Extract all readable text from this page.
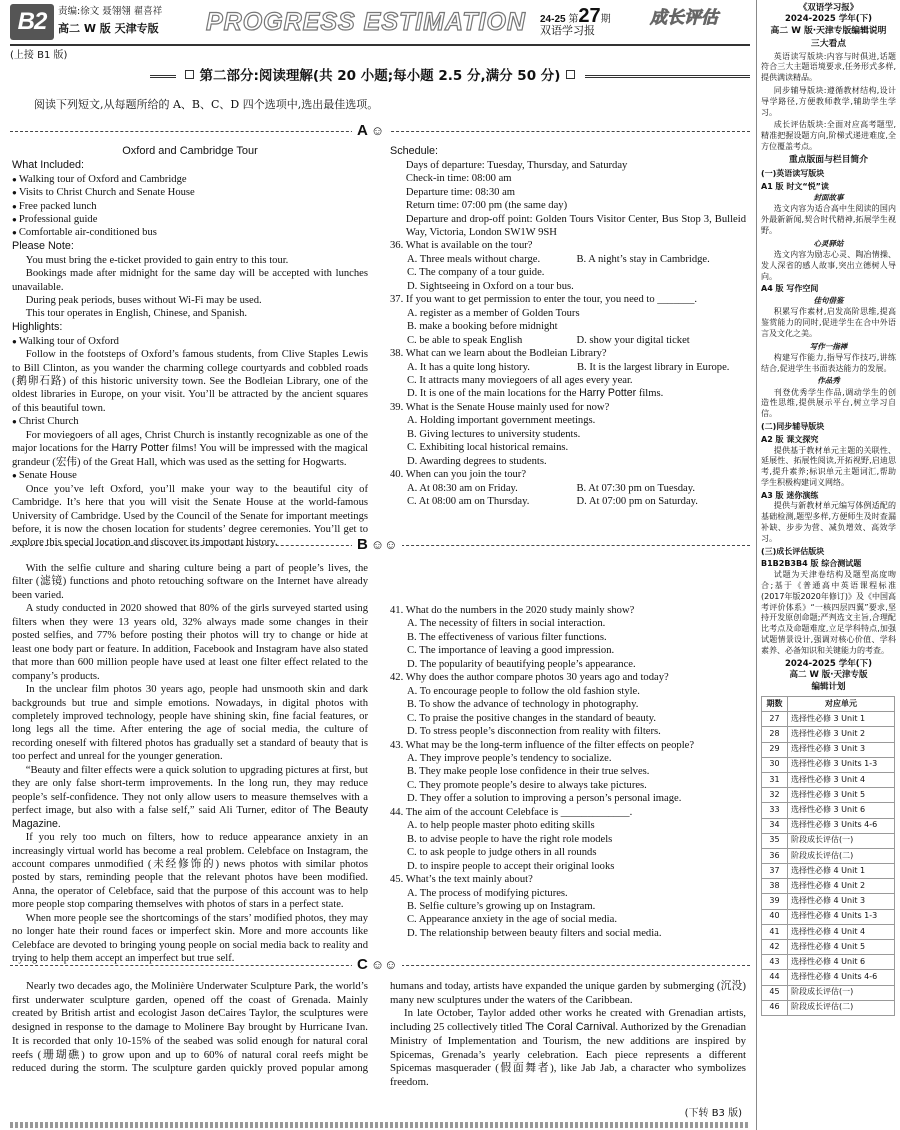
B2	责编:徐文 聂翎翎 翟喜祥
高二 W 版 天津专版 PROGRESS ESTIMATION 24-25 第27期
双语学习报
成长评估
(上接 B1 版)
第二部分:阅读理解(共 20 小题;每小题 2.5 分,满分 50 分)
阅读下列短文,从每题所给的 A、B、C、D 四个选项中,选出最佳选项。
A ☺

Oxford and Cambridge Tour

What Included:

● Walking tour of Oxford and Cambridge

● Visits to Christ Church and Senate House

● Free packed lunch

● Professional guide

● Comfortable air-conditioned bus

Please Note:

You must bring the e-ticket provided to gain entry to this tour.

Bookings made after midnight for the same day will be accepted with lunches unavailable.

During peak periods, buses without Wi-Fi may be used.

This tour operates in English, Chinese, and Spanish.

Highlights:

● Walking tour of Oxford

Follow in the footsteps of Oxford’s famous students, from Clive Staples Lewis to Bill Clinton, as you wander the charming college courtyards and cobbled roads (鹅卵石路) of this historic university town. See the Bodleian Library, one of the oldest libraries in Europe, on your visit. You’ll be attracted by the ancient squares of this beautiful town.

● Christ Church

For moviegoers of all ages, Christ Church is instantly recognizable as one of the major locations for the Harry Potter films! You will be impressed with the magical grandeur (宏伟) of the Great Hall, which was used as the setting for Hogwarts.

● Senate House

Once you’ve left Oxford, you’ll make your way to the beautiful city of Cambridge. It’s here that you will visit the Senate House at the world-famous University of Cambridge. Used by the Council of the Senate for important meetings before, it is now the chosen location for students’ degree ceremonies. You’ll get to explore this special location and discover its important history.

Schedule:

Days of departure: Tuesday, Thursday, and Saturday

Check-in time: 08:00 am

Departure time: 08:30 am

Return time: 07:00 pm (the same day)

Departure and drop-off point: Golden Tours Visitor Center, Bus Stop 3, Bulleid Way, Victoria, London SW1W 9SH

36. What is available on the tour?

A. Three meals without charge.	B. A night’s stay in Cambridge.

C. The company of a tour guide.

D. Sightseeing in Oxford on a tour bus.

37. If you want to get permission to enter the tour, you need to _______.

A. register as a member of Golden Tours

B. make a booking before midnight

C. be able to speak English	D. show your digital ticket

38. What can we learn about the Bodleian Library?

A. It has a quite long history.	B. It is the largest library in Europe.

C. It attracts many moviegoers of all ages every year.

D. It is one of the main locations for the Harry Potter films.

39. What is the Senate House mainly used for now?

A. Holding important government meetings.

B. Giving lectures to university students.

C. Exhibiting local historical remains.

D. Awarding degrees to students.

40. When can you join the tour?

A. At 08:30 am on Friday.	B. At 07:30 pm on Tuesday.
C. At 08:00 am on Thursday.	D. At 07:00 pm on Saturday.
B ☺☺

With the selfie culture and sharing culture being a part of people’s lives, the filter (滤镜) functions and photo retouching software on the Internet have already been varied.

A study conducted in 2020 showed that 80% of the girls surveyed started using filters when they were 13 years old, 32% always made some changes in their posted selfies, and 77% before posting their photos will try to change or hide at least one body part or feature. In addition, Facebook and Instagram have also stated that more than 600 million people have used at least one filter effect related to the company’s products.

In the unclear film photos 30 years ago, people had unsmooth skin and dark backgrounds but true and simple emotions. Nowadays, in digital photos with completely improved technology, people have shining skin, fine facial features, or long legs all the time. After entering the age of social media, the culture of recording oneself with filtered photos has gradually set a standard of beauty that is too perfect and unreal for the younger generation.

“Beauty and filter effects were a quick solution to upgrading pictures at first, but they are only false short-term improvements. In the long run, they may reduce people’s self-confidence. They not only allow users to measure themselves with a perfect image, but also with a false self,” said Ali Turner, editor of The Beauty Magazine.

If you rely too much on filters, how to reduce appearance anxiety in an increasingly virtual world has become a real problem. Celebface on Instagram, the account compares unmodified (未经修饰的) news photos with similar photos posted by stars, reminding people that the relevant photos have been modified. Anna, the operator of Celebface, said that the purpose of this account was to help more people stop comparing themselves with photos of stars in a perfect state.

When more people see the shortcomings of the stars’ modified photos, they may no longer hate their round faces or imperfect skin. More and more accounts like Celebface are devoted to bringing young people on social media back to reality and trying to help them accept an imperfect but true self.

41. What do the numbers in the 2020 study mainly show?

A. The necessity of filters in social interaction.

B. The effectiveness of various filter functions.

C. The importance of leaving a good impression.

D. The popularity of beautifying people’s appearance.

42. Why does the author compare photos 30 years ago and today?

A. To encourage people to follow the old fashion style.

B. To show the advance of technology in photography.

C. To praise the positive changes in the standard of beauty.

D. To stress people’s disconnection from reality with filters.

43. What may be the long-term influence of the filter effects on people?

A. They improve people’s tendency to socialize.

B. They make people lose confidence in their true selves.

C. They promote people’s desire to always take pictures.

D. They offer a solution to improving a person’s personal image.

44. The aim of the account Celebface is _____________.

A. to help people master photo editing skills

B. to advise people to have the right role models

C. to ask people to judge others in all rounds

D. to inspire people to accept their original looks

45. What’s the text mainly about?

A. The process of modifying pictures.

B. Selfie culture’s growing up on Instagram.

C. Appearance anxiety in the age of social media.

D. The relationship between beauty filters and social media.

C ☺☺

Nearly two decades ago, the Molinière Underwater Sculpture Park, the world’s first underwater sculpture garden, opened off the coast of Grenada. Mainly created by British artist and ecologist Jason deCaires Taylor, the sculptures were designed in response to the damage to Molinere Bay brought by Hurricane Ivan. It is recorded that only 10-15% of the seabed was solid enough for natural coral reefs (珊瑚礁) to grow upon and up to 60% of natural coral reefs might be reduced during the storm. The sculpture garden quickly proved popular among humans and today, artists have expanded the unique garden by submerging (沉没) many new sculptures under the waters of the Caribbean.

In late October, Taylor added other works he created with Grenadian artists, including 25 collectively titled The Coral Carnival. Authorized by the Grenadian Ministry of Implementation and Tourism, the new additions are inspired by Spicemas, Grenada’s yearly celebration. Each piece represents a different Spicemas masquerader (假面舞者), like Jab Jab, a character who symbolizes freedom.

(下转 B3 版)
《双语学习报》
2024-2025 学年(下)
高二 W 版·天津专版编辑说明
三大看点

英语读写版块:内容与时俱进,话题符合三大主题语境要求,任务形式多样,提供满读精品。

同步辅导版块:遵循教材结构,设计导学路径,方便教师教学,辅助学生学习。

成长评估版块:全面对应高考题型,精准把握设题方向,阶梯式递进难度,全方位覆盖考点。

重点版面与栏目简介
(一)英语读写版块
A1 版 时文“悦”读
封面故事

选文内容为适合高中生阅读的国内外最新新闻,契合时代精神,拓展学生视野。

心灵驿站

选文内容为励志心灵、陶冶情操、发人深省的感人故事,突出立德树人导向。

A4 版 写作空间
佳句借鉴

积累写作素材,启发高阶思维,提高鉴赏能力的同时,促进学生在合中外语言及文化之美。

写作一指禅

构建写作能力,指导写作技巧,讲练结合,促进学生书面表达能力的发展。

作品秀

刊登优秀学生作品,调动学生的创造性思维,提供展示平台,树立学习自信。

(二)同步辅导版块
A2 版 课文探究

提供基于教材单元主题的关联性、延展性、拓展性阅读,开拓视野,启迪思考,提升素养;标识单元主题词汇,帮助学生积极构建词义网络。

A3 版 迷你演练

提供与新教材单元编写体例适配的基础检测,题型多样,方便师生及时查漏补缺、步步为营、减负增效、高效学习。

(三)成长评估版块
B1B2B3B4 版 综合测试题

试题为天津卷结构及题型高度吻合;基于《普通高中英语课程标准(2017年版2020年修订)》及《中国高考评价体系》“一核四层四翼”要求,坚持开发原创命题;严判选文主旨,合理配比考点及命题难度,立足学科特点,加强试题情景设计,强调对核心价值、学科素养、必备知识和关键能力的考查。

2024-2025 学年(下)
高二 W 版·天津专版
编辑计划
期数	对应单元
27	选择性必修 3 Unit 1
28	选择性必修 3 Unit 2
29	选择性必修 3 Unit 3
30	选择性必修 3 Units 1-3
31	选择性必修 3 Unit 4
32	选择性必修 3 Unit 5
33	选择性必修 3 Unit 6
34	选择性必修 3 Units 4-6
35	阶段成长评估(一)
36	阶段成长评估(二)
37	选择性必修 4 Unit 1
38	选择性必修 4 Unit 2
39	选择性必修 4 Unit 3
40	选择性必修 4 Units 1-3
41	选择性必修 4 Unit 4
42	选择性必修 4 Unit 5
43	选择性必修 4 Unit 6
44	选择性必修 4 Units 4-6
45	阶段成长评估(一)
46	阶段成长评估(二)
